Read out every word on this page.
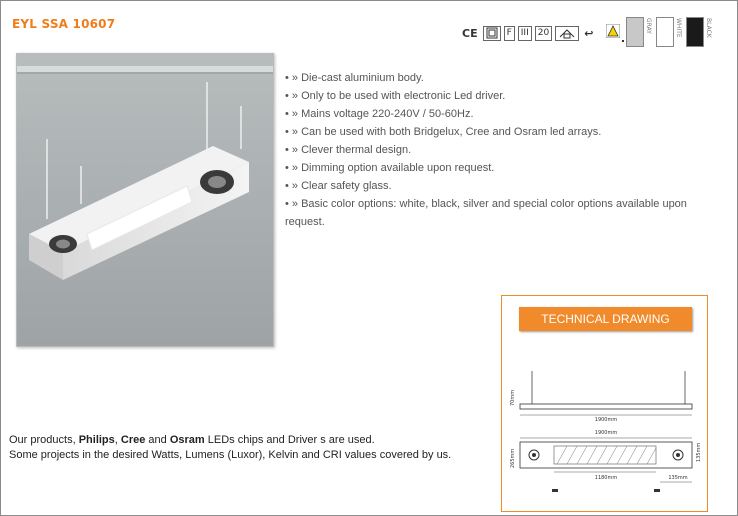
EYL SSA 10607
CE	F	III	20	↩	GRAY	WHITE	BLACK
• » Die-cast aluminium body.
• » Only to be used with electronic Led driver.
• » Mains voltage 220-240V / 50-60Hz.
• » Can be used with both Bridgelux, Cree and Osram led arrays.
• » Clever thermal design.
• » Dimming option available upon request.
• » Clear safety glass.
• » Basic color options: white, black, silver and special color options available upon request.
TECHNICAL DRAWING
1900mm
70mm
1900mm
265mm	135mm
1180mm	135mm
Our products, Philips, Cree and Osram LEDs chips and Driver s are used.
Some projects in the desired Watts, Lumens (Luxor), Kelvin and CRI values covered by us.
